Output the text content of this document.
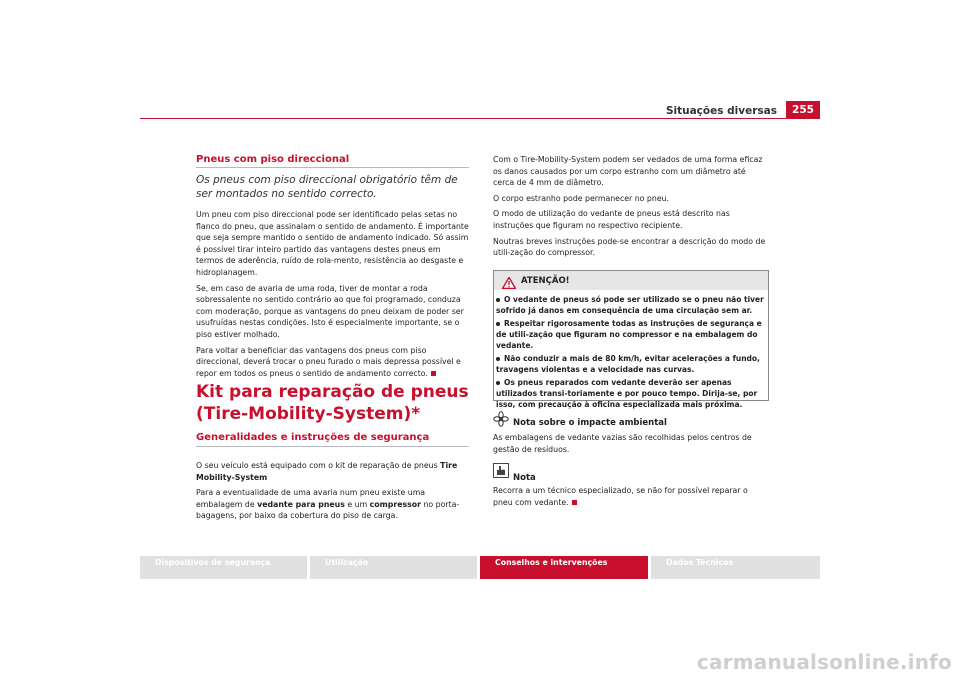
Situações diversas	255
Pneus com piso direccional
Os pneus com piso direccional obrigatório têm de ser montados no sentido correcto.

Um pneu com piso direccional pode ser identificado pelas setas no flanco do pneu, que assinalam o sentido de andamento. É importante que seja sempre mantido o sentido de andamento indicado. Só assim é possível tirar inteiro partido das vantagens destes pneus em termos de aderência, ruído de rola-mento, resistência ao desgaste e hidroplanagem.

Se, em caso de avaria de uma roda, tiver de montar a roda sobressalente no sentido contrário ao que foi programado, conduza com moderação, porque as vantagens do pneu deixam de poder ser usufruídas nestas condições. Isto é especialmente importante, se o piso estiver molhado.

Para voltar a beneficiar das vantagens dos pneus com piso direccional, deverá trocar o pneu furado o mais depressa possível e repor em todos os pneus o sentido de andamento correcto.

Kit para reparação de pneus (Tire-Mobility-System)*
Generalidades e instruções de segurança

O seu veículo está equipado com o kit de reparação de pneus Tire Mobility-System

Para a eventualidade de uma avaria num pneu existe uma embalagem de vedante para pneus e um compressor no porta-bagagens, por baixo da cobertura do piso de carga.

Com o Tire-Mobility-System podem ser vedados de uma forma eficaz os danos causados por um corpo estranho com um diâmetro até cerca de 4 mm de diâmetro.

O corpo estranho pode permanecer no pneu.

O modo de utilização do vedante de pneus está descrito nas instruções que figuram no respectivo recipiente.

Noutras breves instruções pode-se encontrar a descrição do modo de utili-zação do compressor.

ATENÇÃO!
O vedante de pneus só pode ser utilizado se o pneu não tiver sofrido já danos em consequência de uma circulação sem ar.
Respeitar rigorosamente todas as instruções de segurança e de utili-zação que figuram no compressor e na embalagem do vedante.
Não conduzir a mais de 80 km/h, evitar acelerações a fundo, travagens violentas e a velocidade nas curvas.
Os pneus reparados com vedante deverão ser apenas utilizados transi-toriamente e por pouco tempo. Dirija-se, por isso, com precaução à oficina especializada mais próxima.
Nota sobre o impacte ambiental

As embalagens de vedante vazias são recolhidas pelos centros de gestão de resíduos.

Nota

Recorra a um técnico especializado, se não for possível reparar o pneu com vedante.

Dispositivos de segurança	Utilização	Conselhos e intervenções	Dados Técnicos
carmanualsonline.info
